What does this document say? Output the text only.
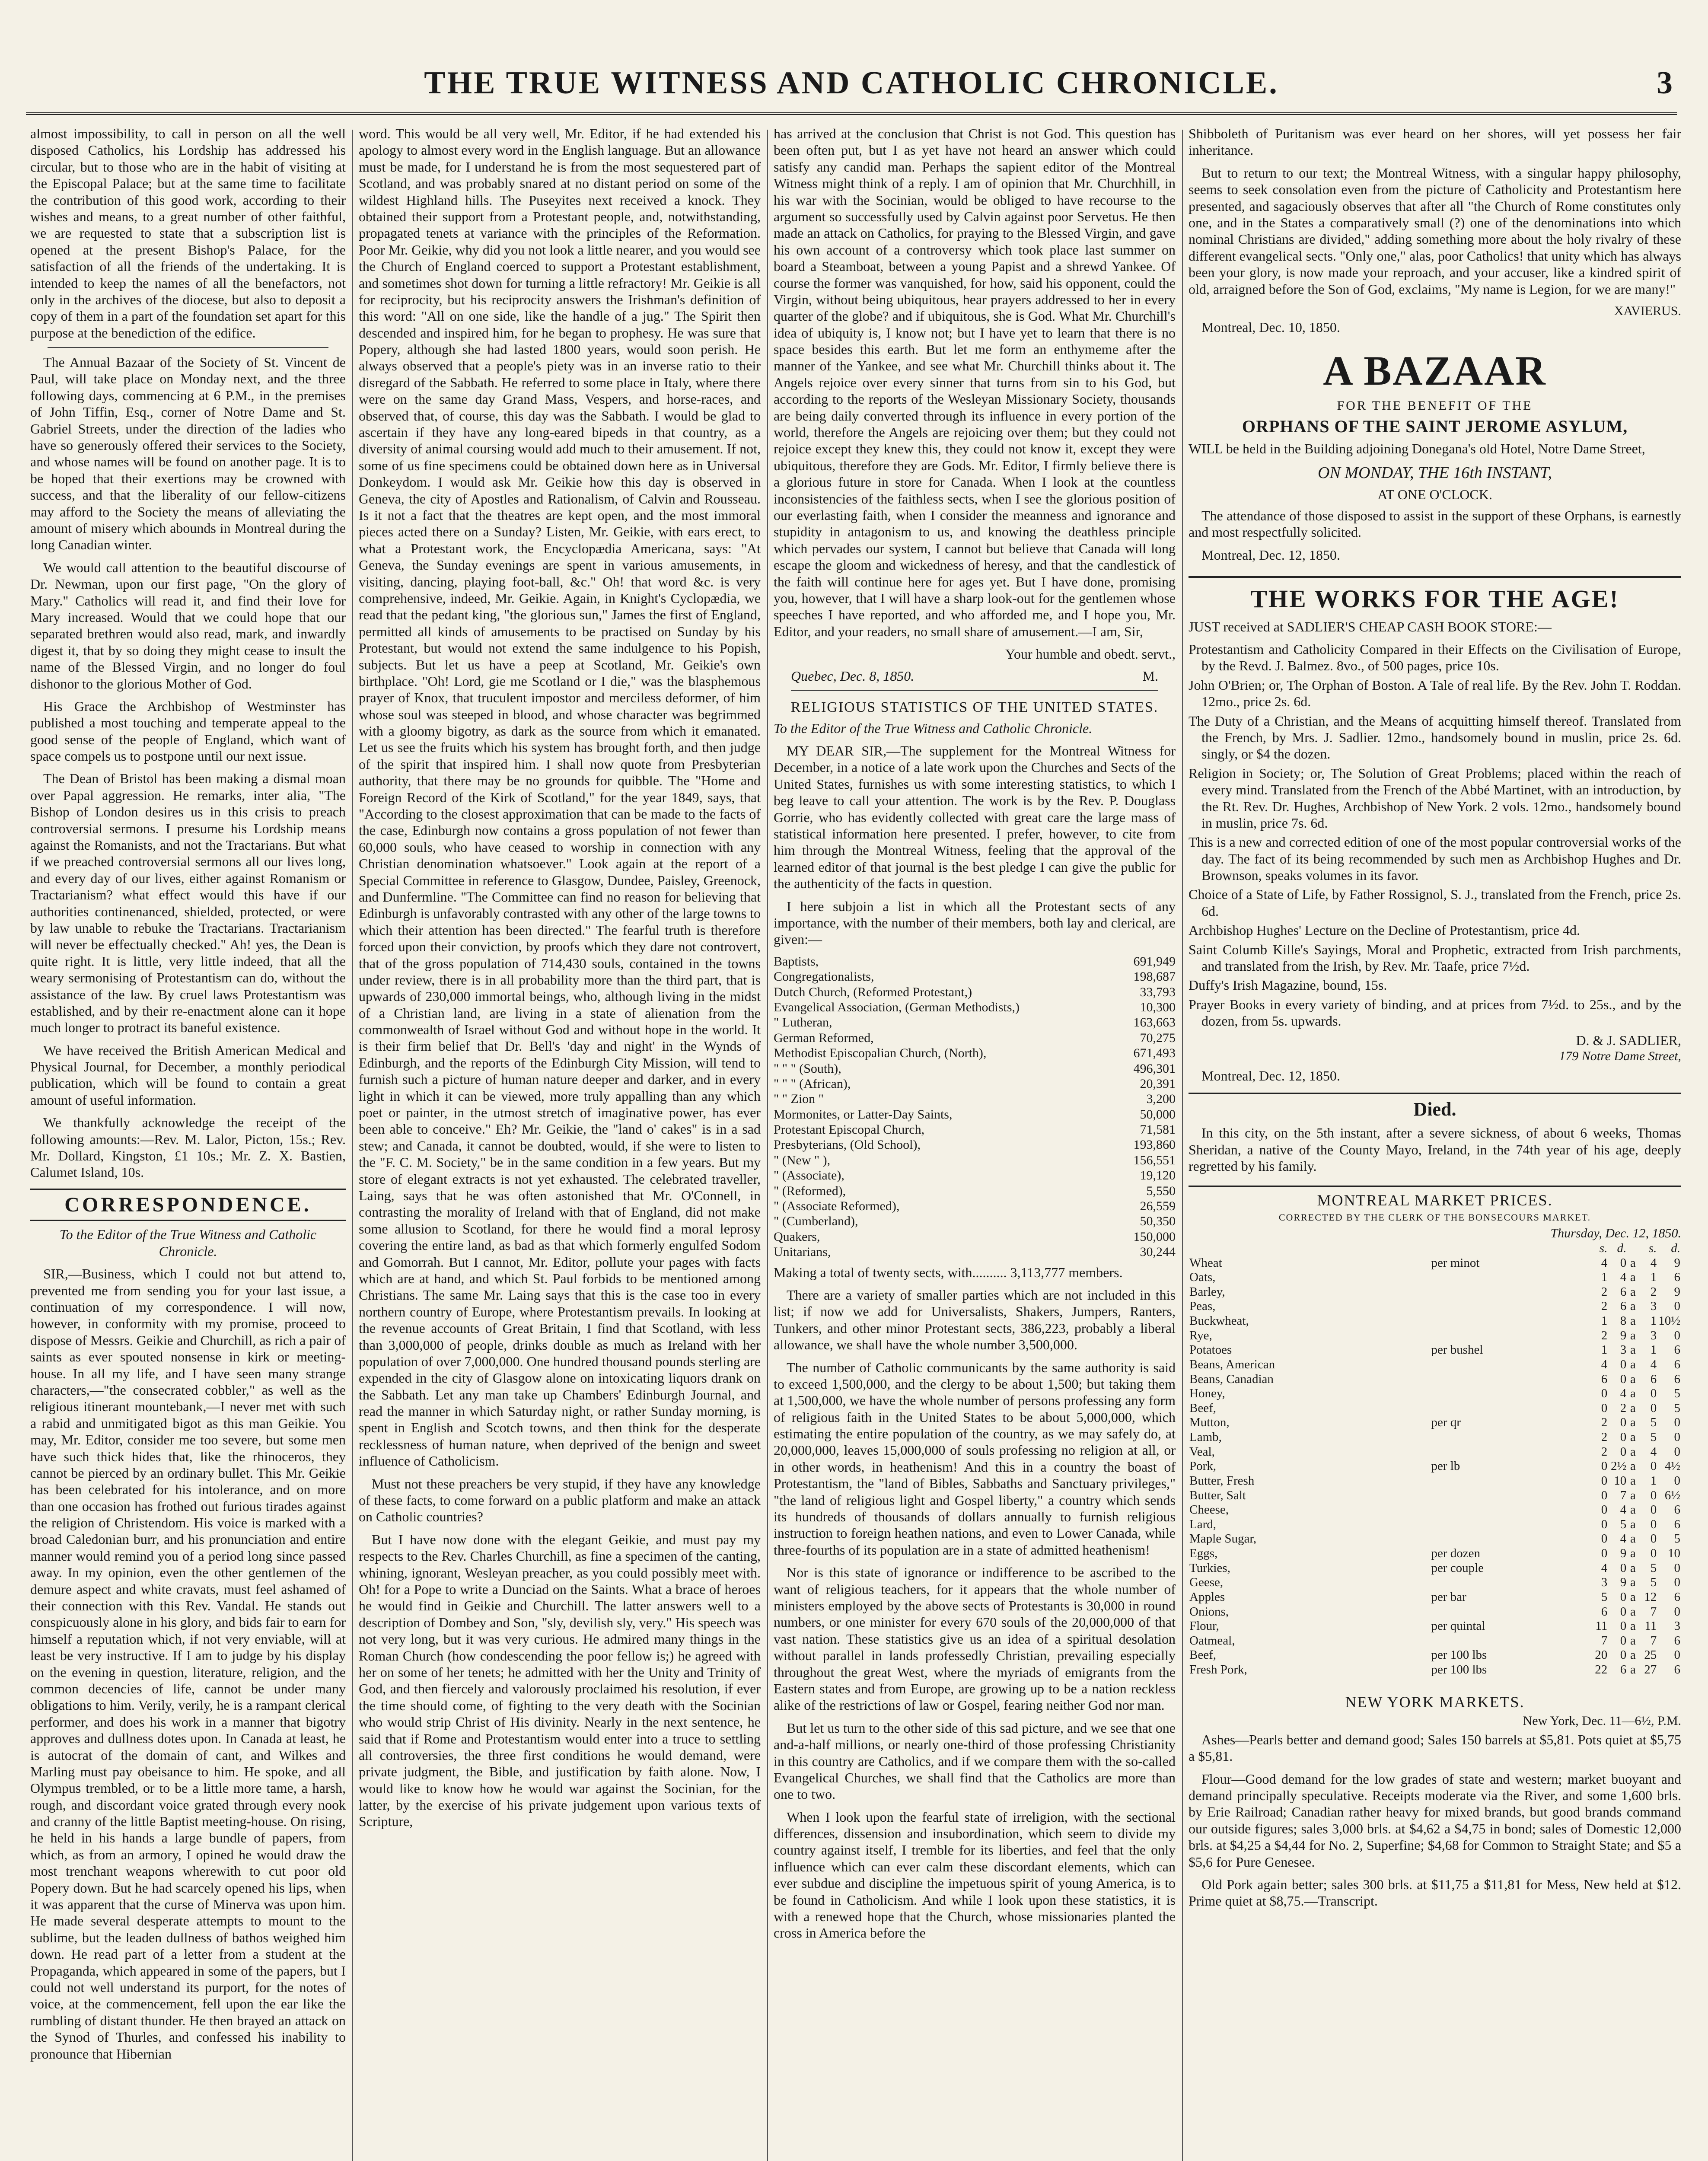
THE TRUE WITNESS AND CATHOLIC CHRONICLE.	3

almost impossibility, to call in person on all the well disposed Catholics, his Lordship has addressed his circular, but to those who are in the habit of visiting at the Episcopal Palace; but at the same time to facilitate the contribution of this good work, according to their wishes and means, to a great number of other faithful, we are requested to state that a subscription list is opened at the present Bishop's Palace, for the satisfaction of all the friends of the undertaking. It is intended to keep the names of all the benefactors, not only in the archives of the diocese, but also to deposit a copy of them in a part of the foundation set apart for this purpose at the benediction of the edifice.

The Annual Bazaar of the Society of St. Vincent de Paul, will take place on Monday next, and the three following days, commencing at 6 P.M., in the premises of John Tiffin, Esq., corner of Notre Dame and St. Gabriel Streets, under the direction of the ladies who have so generously offered their services to the Society, and whose names will be found on another page. It is to be hoped that their exertions may be crowned with success, and that the liberality of our fellow-citizens may afford to the Society the means of alleviating the amount of misery which abounds in Montreal during the long Canadian winter.

We would call attention to the beautiful discourse of Dr. Newman, upon our first page, "On the glory of Mary." Catholics will read it, and find their love for Mary increased. Would that we could hope that our separated brethren would also read, mark, and inwardly digest it, that by so doing they might cease to insult the name of the Blessed Virgin, and no longer do foul dishonor to the glorious Mother of God.

His Grace the Archbishop of Westminster has published a most touching and temperate appeal to the good sense of the people of England, which want of space compels us to postpone until our next issue.

The Dean of Bristol has been making a dismal moan over Papal aggression. He remarks, inter alia, "The Bishop of London desires us in this crisis to preach controversial sermons. I presume his Lordship means against the Romanists, and not the Tractarians. But what if we preached controversial sermons all our lives long, and every day of our lives, either against Romanism or Tractarianism? what effect would this have if our authorities continenanced, shielded, protected, or were by law unable to rebuke the Tractarians. Tractarianism will never be effectually checked." Ah! yes, the Dean is quite right. It is little, very little indeed, that all the weary sermonising of Protestantism can do, without the assistance of the law. By cruel laws Protestantism was established, and by their re-enactment alone can it hope much longer to protract its baneful existence.

We have received the British American Medical and Physical Journal, for December, a monthly periodical publication, which will be found to contain a great amount of useful information.

We thankfully acknowledge the receipt of the following amounts:—Rev. M. Lalor, Picton, 15s.; Rev. Mr. Dollard, Kingston, £1 10s.; Mr. Z. X. Bastien, Calumet Island, 10s.

CORRESPONDENCE.

To the Editor of the True Witness and Catholic Chronicle.

SIR,—Business, which I could not but attend to, prevented me from sending you for your last issue, a continuation of my correspondence. I will now, however, in conformity with my promise, proceed to dispose of Messrs. Geikie and Churchill, as rich a pair of saints as ever spouted nonsense in kirk or meeting-house. In all my life, and I have seen many strange characters,—"the consecrated cobbler," as well as the religious itinerant mountebank,—I never met with such a rabid and unmitigated bigot as this man Geikie. You may, Mr. Editor, consider me too severe, but some men have such thick hides that, like the rhinoceros, they cannot be pierced by an ordinary bullet. This Mr. Geikie has been celebrated for his intolerance, and on more than one occasion has frothed out furious tirades against the religion of Christendom. His voice is marked with a broad Caledonian burr, and his pronunciation and entire manner would remind you of a period long since passed away. In my opinion, even the other gentlemen of the demure aspect and white cravats, must feel ashamed of their connection with this Rev. Vandal. He stands out conspicuously alone in his glory, and bids fair to earn for himself a reputation which, if not very enviable, will at least be very instructive. If I am to judge by his display on the evening in question, literature, religion, and the common decencies of life, cannot be under many obligations to him. Verily, verily, he is a rampant clerical performer, and does his work in a manner that bigotry approves and dullness dotes upon. In Canada at least, he is autocrat of the domain of cant, and Wilkes and Marling must pay obeisance to him. He spoke, and all Olympus trembled, or to be a little more tame, a harsh, rough, and discordant voice grated through every nook and cranny of the little Baptist meeting-house. On rising, he held in his hands a large bundle of papers, from which, as from an armory, I opined he would draw the most trenchant weapons wherewith to cut poor old Popery down. But he had scarcely opened his lips, when it was apparent that the curse of Minerva was upon him. He made several desperate attempts to mount to the sublime, but the leaden dullness of bathos weighed him down. He read part of a letter from a student at the Propaganda, which appeared in some of the papers, but I could not well understand its purport, for the notes of voice, at the commencement, fell upon the ear like the rumbling of distant thunder. He then brayed an attack on the Synod of Thurles, and confessed his inability to pronounce that Hibernian

word. This would be all very well, Mr. Editor, if he had extended his apology to almost every word in the English language. But an allowance must be made, for I understand he is from the most sequestered part of Scotland, and was probably snared at no distant period on some of the wildest Highland hills. The Puseyites next received a knock. They obtained their support from a Protestant people, and, notwithstanding, propagated tenets at variance with the principles of the Reformation. Poor Mr. Geikie, why did you not look a little nearer, and you would see the Church of England coerced to support a Protestant establishment, and sometimes shot down for turning a little refractory! Mr. Geikie is all for reciprocity, but his reciprocity answers the Irishman's definition of this word: "All on one side, like the handle of a jug." The Spirit then descended and inspired him, for he began to prophesy. He was sure that Popery, although she had lasted 1800 years, would soon perish. He always observed that a people's piety was in an inverse ratio to their disregard of the Sabbath. He referred to some place in Italy, where there were on the same day Grand Mass, Vespers, and horse-races, and observed that, of course, this day was the Sabbath. I would be glad to ascertain if they have any long-eared bipeds in that country, as a diversity of animal coursing would add much to their amusement. If not, some of us fine specimens could be obtained down here as in Universal Donkeydom. I would ask Mr. Geikie how this day is observed in Geneva, the city of Apostles and Rationalism, of Calvin and Rousseau. Is it not a fact that the theatres are kept open, and the most immoral pieces acted there on a Sunday? Listen, Mr. Geikie, with ears erect, to what a Protestant work, the Encyclopædia Americana, says: "At Geneva, the Sunday evenings are spent in various amusements, in visiting, dancing, playing foot-ball, &c." Oh! that word &c. is very comprehensive, indeed, Mr. Geikie. Again, in Knight's Cyclopædia, we read that the pedant king, "the glorious sun," James the first of England, permitted all kinds of amusements to be practised on Sunday by his Protestant, but would not extend the same indulgence to his Popish, subjects. But let us have a peep at Scotland, Mr. Geikie's own birthplace. "Oh! Lord, gie me Scotland or I die," was the blasphemous prayer of Knox, that truculent impostor and merciless deformer, of him whose soul was steeped in blood, and whose character was begrimmed with a gloomy bigotry, as dark as the source from which it emanated. Let us see the fruits which his system has brought forth, and then judge of the spirit that inspired him. I shall now quote from Presbyterian authority, that there may be no grounds for quibble. The "Home and Foreign Record of the Kirk of Scotland," for the year 1849, says, that "According to the closest approximation that can be made to the facts of the case, Edinburgh now contains a gross population of not fewer than 60,000 souls, who have ceased to worship in connection with any Christian denomination whatsoever." Look again at the report of a Special Committee in reference to Glasgow, Dundee, Paisley, Greenock, and Dunfermline. "The Committee can find no reason for believing that Edinburgh is unfavorably contrasted with any other of the large towns to which their attention has been directed." The fearful truth is therefore forced upon their conviction, by proofs which they dare not controvert, that of the gross population of 714,430 souls, contained in the towns under review, there is in all probability more than the third part, that is upwards of 230,000 immortal beings, who, although living in the midst of a Christian land, are living in a state of alienation from the commonwealth of Israel without God and without hope in the world. It is their firm belief that Dr. Bell's 'day and night' in the Wynds of Edinburgh, and the reports of the Edinburgh City Mission, will tend to furnish such a picture of human nature deeper and darker, and in every light in which it can be viewed, more truly appalling than any which poet or painter, in the utmost stretch of imaginative power, has ever been able to conceive." Eh? Mr. Geikie, the "land o' cakes" is in a sad stew; and Canada, it cannot be doubted, would, if she were to listen to the "F. C. M. Society," be in the same condition in a few years. But my store of elegant extracts is not yet exhausted. The celebrated traveller, Laing, says that he was often astonished that Mr. O'Connell, in contrasting the morality of Ireland with that of England, did not make some allusion to Scotland, for there he would find a moral leprosy covering the entire land, as bad as that which formerly engulfed Sodom and Gomorrah. But I cannot, Mr. Editor, pollute your pages with facts which are at hand, and which St. Paul forbids to be mentioned among Christians. The same Mr. Laing says that this is the case too in every northern country of Europe, where Protestantism prevails. In looking at the revenue accounts of Great Britain, I find that Scotland, with less than 3,000,000 of people, drinks double as much as Ireland with her population of over 7,000,000. One hundred thousand pounds sterling are expended in the city of Glasgow alone on intoxicating liquors drank on the Sabbath. Let any man take up Chambers' Edinburgh Journal, and read the manner in which Saturday night, or rather Sunday morning, is spent in English and Scotch towns, and then think for the desperate recklessness of human nature, when deprived of the benign and sweet influence of Catholicism.

Must not these preachers be very stupid, if they have any knowledge of these facts, to come forward on a public platform and make an attack on Catholic countries?

But I have now done with the elegant Geikie, and must pay my respects to the Rev. Charles Churchill, as fine a specimen of the canting, whining, ignorant, Wesleyan preacher, as you could possibly meet with. Oh! for a Pope to write a Dunciad on the Saints. What a brace of heroes he would find in Geikie and Churchill. The latter answers well to a description of Dombey and Son, "sly, devilish sly, very." His speech was not very long, but it was very curious. He admired many things in the Roman Church (how condescending the poor fellow is;) he agreed with her on some of her tenets; he admitted with her the Unity and Trinity of God, and then fiercely and valorously proclaimed his resolution, if ever the time should come, of fighting to the very death with the Socinian who would strip Christ of His divinity. Nearly in the next sentence, he said that if Rome and Protestantism would enter into a truce to settling all controversies, the three first conditions he would demand, were private judgment, the Bible, and justification by faith alone. Now, I would like to know how he would war against the Socinian, for the latter, by the exercise of his private judgement upon various texts of Scripture,

has arrived at the conclusion that Christ is not God. This question has been often put, but I as yet have not heard an answer which could satisfy any candid man. Perhaps the sapient editor of the Montreal Witness might think of a reply. I am of opinion that Mr. Churchhill, in his war with the Socinian, would be obliged to have recourse to the argument so successfully used by Calvin against poor Servetus. He then made an attack on Catholics, for praying to the Blessed Virgin, and gave his own account of a controversy which took place last summer on board a Steamboat, between a young Papist and a shrewd Yankee. Of course the former was vanquished, for how, said his opponent, could the Virgin, without being ubiquitous, hear prayers addressed to her in every quarter of the globe? and if ubiquitous, she is God. What Mr. Churchill's idea of ubiquity is, I know not; but I have yet to learn that there is no space besides this earth. But let me form an enthymeme after the manner of the Yankee, and see what Mr. Churchill thinks about it. The Angels rejoice over every sinner that turns from sin to his God, but according to the reports of the Wesleyan Missionary Society, thousands are being daily converted through its influence in every portion of the world, therefore the Angels are rejoicing over them; but they could not rejoice except they knew this, they could not know it, except they were ubiquitous, therefore they are Gods. Mr. Editor, I firmly believe there is a glorious future in store for Canada. When I look at the countless inconsistencies of the faithless sects, when I see the glorious position of our everlasting faith, when I consider the meanness and ignorance and stupidity in antagonism to us, and knowing the deathless principle which pervades our system, I cannot but believe that Canada will long escape the gloom and wickedness of heresy, and that the candlestick of the faith will continue here for ages yet. But I have done, promising you, however, that I will have a sharp look-out for the gentlemen whose speeches I have reported, and who afforded me, and I hope you, Mr. Editor, and your readers, no small share of amusement.—I am, Sir,

Your humble and obedt. servt.,
Quebec, Dec. 8, 1850.	M.
RELIGIOUS STATISTICS OF THE UNITED STATES.

To the Editor of the True Witness and Catholic Chronicle.

MY DEAR SIR,—The supplement for the Montreal Witness for December, in a notice of a late work upon the Churches and Sects of the United States, furnishes us with some interesting statistics, to which I beg leave to call your attention. The work is by the Rev. P. Douglass Gorrie, who has evidently collected with great care the large mass of statistical information here presented. I prefer, however, to cite from him through the Montreal Witness, feeling that the approval of the learned editor of that journal is the best pledge I can give the public for the authenticity of the facts in question.

I here subjoin a list in which all the Protestant sects of any importance, with the number of their members, both lay and clerical, are given:—

Baptists,	691,949
Congregationalists,	198,687
Dutch Church, (Reformed Protestant,)	33,793
Evangelical Association, (German Methodists,)	10,300
" Lutheran,	163,663
German Reformed,	70,275
Methodist Episcopalian Church, (North),	671,493
" " " (South),	496,301
" " " (African),	20,391
" " Zion "	3,200
Mormonites, or Latter-Day Saints,	50,000
Protestant Episcopal Church,	71,581
Presbyterians, (Old School),	193,860
" (New " ),	156,551
" (Associate),	19,120
" (Reformed),	5,550
" (Associate Reformed),	26,559
" (Cumberland),	50,350
Quakers,	150,000
Unitarians,	30,244

Making a total of twenty sects, with.......... 3,113,777 members.

There are a variety of smaller parties which are not included in this list; if now we add for Universalists, Shakers, Jumpers, Ranters, Tunkers, and other minor Protestant sects, 386,223, probably a liberal allowance, we shall have the whole number 3,500,000.

The number of Catholic communicants by the same authority is said to exceed 1,500,000, and the clergy to be about 1,500; but taking them at 1,500,000, we have the whole number of persons professing any form of religious faith in the United States to be about 5,000,000, which estimating the entire population of the country, as we may safely do, at 20,000,000, leaves 15,000,000 of souls professing no religion at all, or in other words, in heathenism! And this in a country the boast of Protestantism, the "land of Bibles, Sabbaths and Sanctuary privileges," "the land of religious light and Gospel liberty," a country which sends its hundreds of thousands of dollars annually to furnish religious instruction to foreign heathen nations, and even to Lower Canada, while three-fourths of its population are in a state of admitted heathenism!

Nor is this state of ignorance or indifference to be ascribed to the want of religious teachers, for it appears that the whole number of ministers employed by the above sects of Protestants is 30,000 in round numbers, or one minister for every 670 souls of the 20,000,000 of that vast nation. These statistics give us an idea of a spiritual desolation without parallel in lands professedly Christian, prevailing especially throughout the great West, where the myriads of emigrants from the Eastern states and from Europe, are growing up to be a nation reckless alike of the restrictions of law or Gospel, fearing neither God nor man.

But let us turn to the other side of this sad picture, and we see that one and-a-half millions, or nearly one-third of those professing Christianity in this country are Catholics, and if we compare them with the so-called Evangelical Churches, we shall find that the Catholics are more than one to two.

When I look upon the fearful state of irreligion, with the sectional differences, dissension and insubordination, which seem to divide my country against itself, I tremble for its liberties, and feel that the only influence which can ever calm these discordant elements, which can ever subdue and discipline the impetuous spirit of young America, is to be found in Catholicism. And while I look upon these statistics, it is with a renewed hope that the Church, whose missionaries planted the cross in America before the

Shibboleth of Puritanism was ever heard on her shores, will yet possess her fair inheritance.

But to return to our text; the Montreal Witness, with a singular happy philosophy, seems to seek consolation even from the picture of Catholicity and Protestantism here presented, and sagaciously observes that after all "the Church of Rome constitutes only one, and in the States a comparatively small (?) one of the denominations into which nominal Christians are divided," adding something more about the holy rivalry of these different evangelical sects. "Only one," alas, poor Catholics! that unity which has always been your glory, is now made your reproach, and your accuser, like a kindred spirit of old, arraigned before the Son of God, exclaims, "My name is Legion, for we are many!"

XAVIERUS.

Montreal, Dec. 10, 1850.

A BAZAAR
FOR THE BENEFIT OF THE
ORPHANS OF THE SAINT JEROME ASYLUM,

WILL be held in the Building adjoining Donegana's old Hotel, Notre Dame Street,

ON MONDAY, THE 16th INSTANT,
AT ONE O'CLOCK.

The attendance of those disposed to assist in the support of these Orphans, is earnestly and most respectfully solicited.

Montreal, Dec. 12, 1850.

THE WORKS FOR THE AGE!

JUST received at SADLIER'S CHEAP CASH BOOK STORE:—

Protestantism and Catholicity Compared in their Effects on the Civilisation of Europe, by the Revd. J. Balmez. 8vo., of 500 pages, price 10s.

John O'Brien; or, The Orphan of Boston. A Tale of real life. By the Rev. John T. Roddan. 12mo., price 2s. 6d.

The Duty of a Christian, and the Means of acquitting himself thereof. Translated from the French, by Mrs. J. Sadlier. 12mo., handsomely bound in muslin, price 2s. 6d. singly, or $4 the dozen.

Religion in Society; or, The Solution of Great Problems; placed within the reach of every mind. Translated from the French of the Abbé Martinet, with an introduction, by the Rt. Rev. Dr. Hughes, Archbishop of New York. 2 vols. 12mo., handsomely bound in muslin, price 7s. 6d.

This is a new and corrected edition of one of the most popular controversial works of the day. The fact of its being recommended by such men as Archbishop Hughes and Dr. Brownson, speaks volumes in its favor.

Choice of a State of Life, by Father Rossignol, S. J., translated from the French, price 2s. 6d.

Archbishop Hughes' Lecture on the Decline of Protestantism, price 4d.

Saint Columb Kille's Sayings, Moral and Prophetic, extracted from Irish parchments, and translated from the Irish, by Rev. Mr. Taafe, price 7½d.

Duffy's Irish Magazine, bound, 15s.

Prayer Books in every variety of binding, and at prices from 7½d. to 25s., and by the dozen, from 5s. upwards.

D. & J. SADLIER,
179 Notre Dame Street,

Montreal, Dec. 12, 1850.

Died.

In this city, on the 5th instant, after a severe sickness, of about 6 weeks, Thomas Sheridan, a native of the County Mayo, Ireland, in the 74th year of his age, deeply regretted by his family.

MONTREAL MARKET PRICES.
CORRECTED BY THE CLERK OF THE BONSECOURS MARKET.
Thursday, Dec. 12, 1850.
		s.	d.		s.	d.
Wheat	per minot	4	0	a	4	9
Oats,		1	4	a	1	6
Barley,		2	6	a	2	9
Peas,		2	6	a	3	0
Buckwheat,		1	8	a	1	10½
Rye,		2	9	a	3	0
Potatoes	per bushel	1	3	a	1	6
Beans, American		4	0	a	4	6
Beans, Canadian		6	0	a	6	6
Honey,		0	4	a	0	5
Beef,		0	2	a	0	5
Mutton,	per qr	2	0	a	5	0
Lamb,		2	0	a	5	0
Veal,		2	0	a	4	0
Pork,	per lb	0	2½	a	0	4½
Butter, Fresh		0	10	a	1	0
Butter, Salt		0	7	a	0	6½
Cheese,		0	4	a	0	6
Lard,		0	5	a	0	6
Maple Sugar,		0	4	a	0	5
Eggs,	per dozen	0	9	a	0	10
Turkies,	per couple	4	0	a	5	0
Geese,		3	9	a	5	0
Apples	per bar	5	0	a	12	6
Onions,		6	0	a	7	0
Flour,	per quintal	11	0	a	11	3
Oatmeal,		7	0	a	7	6
Beef,	per 100 lbs	20	0	a	25	0
Fresh Pork,	per 100 lbs	22	6	a	27	6
NEW YORK MARKETS.
New York, Dec. 11—6½, P.M.

Ashes—Pearls better and demand good; Sales 150 barrels at $5,81. Pots quiet at $5,75 a $5,81.

Flour—Good demand for the low grades of state and western; market buoyant and demand principally speculative. Receipts moderate via the River, and some 1,600 brls. by Erie Railroad; Canadian rather heavy for mixed brands, but good brands command our outside figures; sales 3,000 brls. at $4,62 a $4,75 in bond; sales of Domestic 12,000 brls. at $4,25 a $4,44 for No. 2, Superfine; $4,68 for Common to Straight State; and $5 a $5,6 for Pure Genesee.

Old Pork again better; sales 300 brls. at $11,75 a $11,81 for Mess, New held at $12. Prime quiet at $8,75.—Transcript.
